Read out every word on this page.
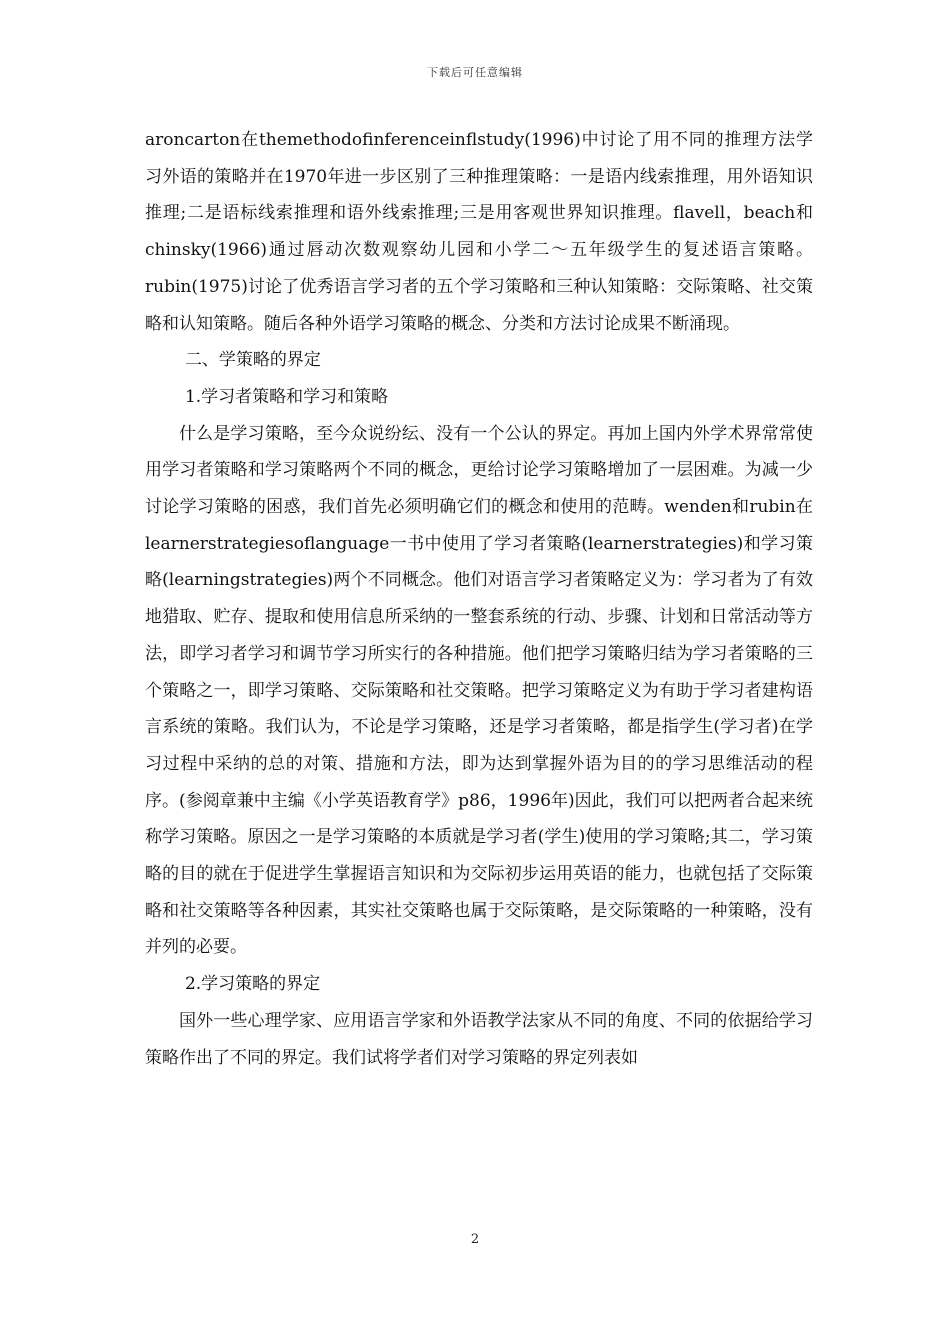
下载后可任意编辑

aroncarton在themethodofinferenceinflstudy(1996)中讨论了用不同的推理方法学习外语的策略并在1970年进一步区别了三种推理策略：一是语内线索推理，用外语知识推理;二是语标线索推理和语外线索推理;三是用客观世界知识推理。flavell，beach和chinsky(1966)通过唇动次数观察幼儿园和小学二～五年级学生的复述语言策略。rubin(1975)讨论了优秀语言学习者的五个学习策略和三种认知策略：交际策略、社交策略和认知策略。随后各种外语学习策略的概念、分类和方法讨论成果不断涌现。

二、学策略的界定

1.学习者策略和学习和策略

什么是学习策略，至今众说纷纭、没有一个公认的界定。再加上国内外学术界常常使用学习者策略和学习策略两个不同的概念，更给讨论学习策略增加了一层困难。为减一少讨论学习策略的困惑，我们首先必须明确它们的概念和使用的范畴。wenden和rubin在learnerstrategiesoflanguage一书中使用了学习者策略(learnerstrategies)和学习策略(learningstrategies)两个不同概念。他们对语言学习者策略定义为：学习者为了有效地猎取、贮存、提取和使用信息所采纳的一整套系统的行动、步骤、计划和日常活动等方法，即学习者学习和调节学习所实行的各种措施。他们把学习策略归结为学习者策略的三个策略之一，即学习策略、交际策略和社交策略。把学习策略定义为有助于学习者建构语言系统的策略。我们认为，不论是学习策略，还是学习者策略，都是指学生(学习者)在学习过程中采纳的总的对策、措施和方法，即为达到掌握外语为目的的学习思维活动的程序。(参阅章兼中主编《小学英语教育学》p86，1996年)因此，我们可以把两者合起来统称学习策略。原因之一是学习策略的本质就是学习者(学生)使用的学习策略;其二，学习策略的目的就在于促进学生掌握语言知识和为交际初步运用英语的能力，也就包括了交际策略和社交策略等各种因素，其实社交策略也属于交际策略，是交际策略的一种策略，没有并列的必要。

2.学习策略的界定

国外一些心理学家、应用语言学家和外语教学法家从不同的角度、不同的依据给学习策略作出了不同的界定。我们试将学者们对学习策略的界定列表如

2
